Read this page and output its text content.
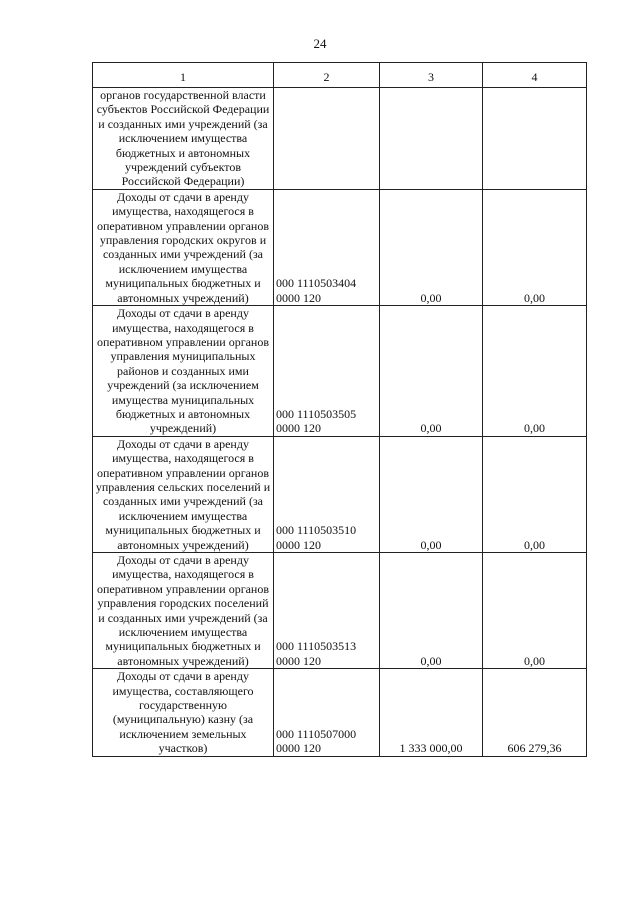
24
1	2	3	4
органов государственной власти субъектов Российской Федерации и созданных ими учреждений (за исключением имущества бюджетных и автономных учреждений субъектов Российской Федерации)			
Доходы от сдачи в аренду имущества, находящегося в оперативном управлении органов управления городских округов и созданных ими учреждений (за исключением имущества муниципальных бюджетных и автономных учреждений)	000 1110503404 0000 120	0,00	0,00
Доходы от сдачи в аренду имущества, находящегося в оперативном управлении органов управления муниципальных районов и созданных ими учреждений (за исключением имущества муниципальных бюджетных и автономных учреждений)	000 1110503505 0000 120	0,00	0,00
Доходы от сдачи в аренду имущества, находящегося в оперативном управлении органов управления сельских поселений и созданных ими учреждений (за исключением имущества муниципальных бюджетных и автономных учреждений)	000 1110503510 0000 120	0,00	0,00
Доходы от сдачи в аренду имущества, находящегося в оперативном управлении органов управления городских поселений и созданных ими учреждений (за исключением имущества муниципальных бюджетных и автономных учреждений)	000 1110503513 0000 120	0,00	0,00
Доходы от сдачи в аренду имущества, составляющего государственную (муниципальную) казну (за исключением земельных участков)	000 1110507000 0000 120	1 333 000,00	606 279,36
